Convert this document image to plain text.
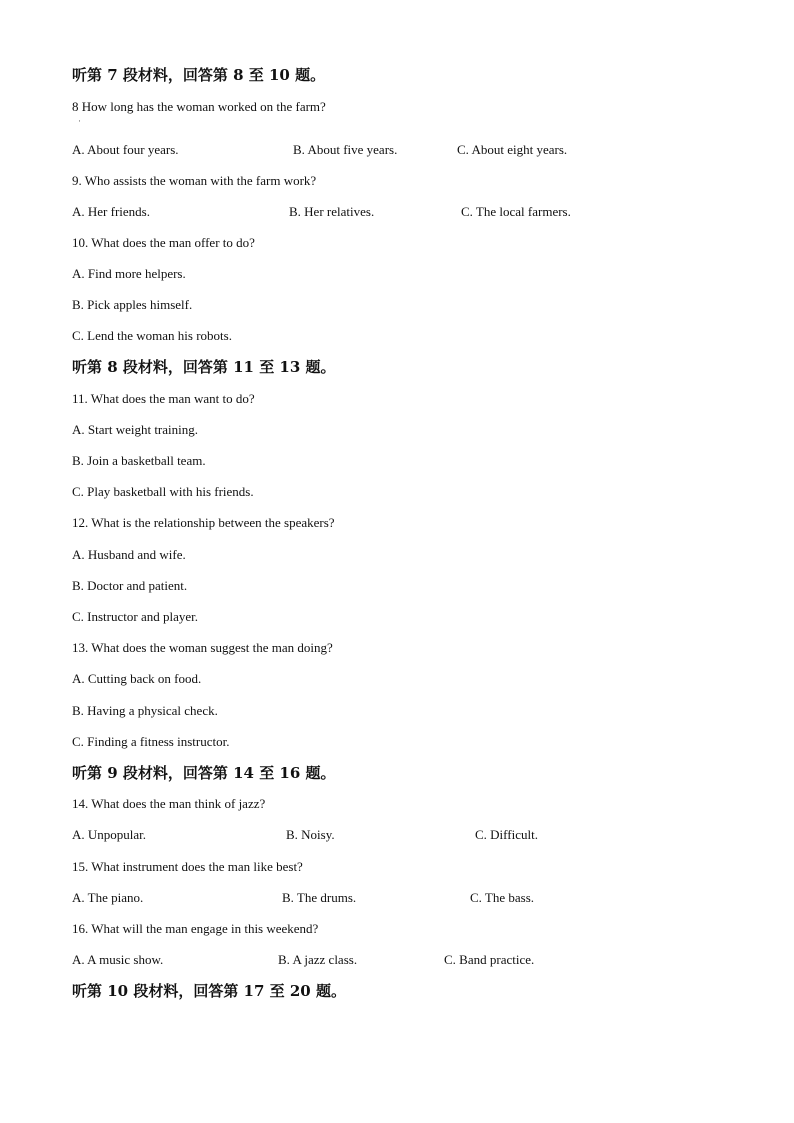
听第 7 段材料，回答第 8 至 10 题。
8 How long has the woman worked on the farm?
·
A. About four years.	B. About five years.	C. About eight years.
9. Who assists the woman with the farm work?
A. Her friends.	B. Her relatives.	C. The local farmers.
10. What does the man offer to do?
A. Find more helpers.
B. Pick apples himself.
C. Lend the woman his robots.
听第 8 段材料，回答第 11 至 13 题。
11. What does the man want to do?
A. Start weight training.
B. Join a basketball team.
C. Play basketball with his friends.
12. What is the relationship between the speakers?
A. Husband and wife.
B. Doctor and patient.
C. Instructor and player.
13. What does the woman suggest the man doing?
A. Cutting back on food.
B. Having a physical check.
C. Finding a fitness instructor.
听第 9 段材料，回答第 14 至 16 题。
14. What does the man think of jazz?
A. Unpopular.	B. Noisy.	C. Difficult.
15. What instrument does the man like best?
A. The piano.	B. The drums.	C. The bass.
16. What will the man engage in this weekend?
A. A music show.	B. A jazz class.	C. Band practice.
听第 10 段材料，回答第 17 至 20 题。
